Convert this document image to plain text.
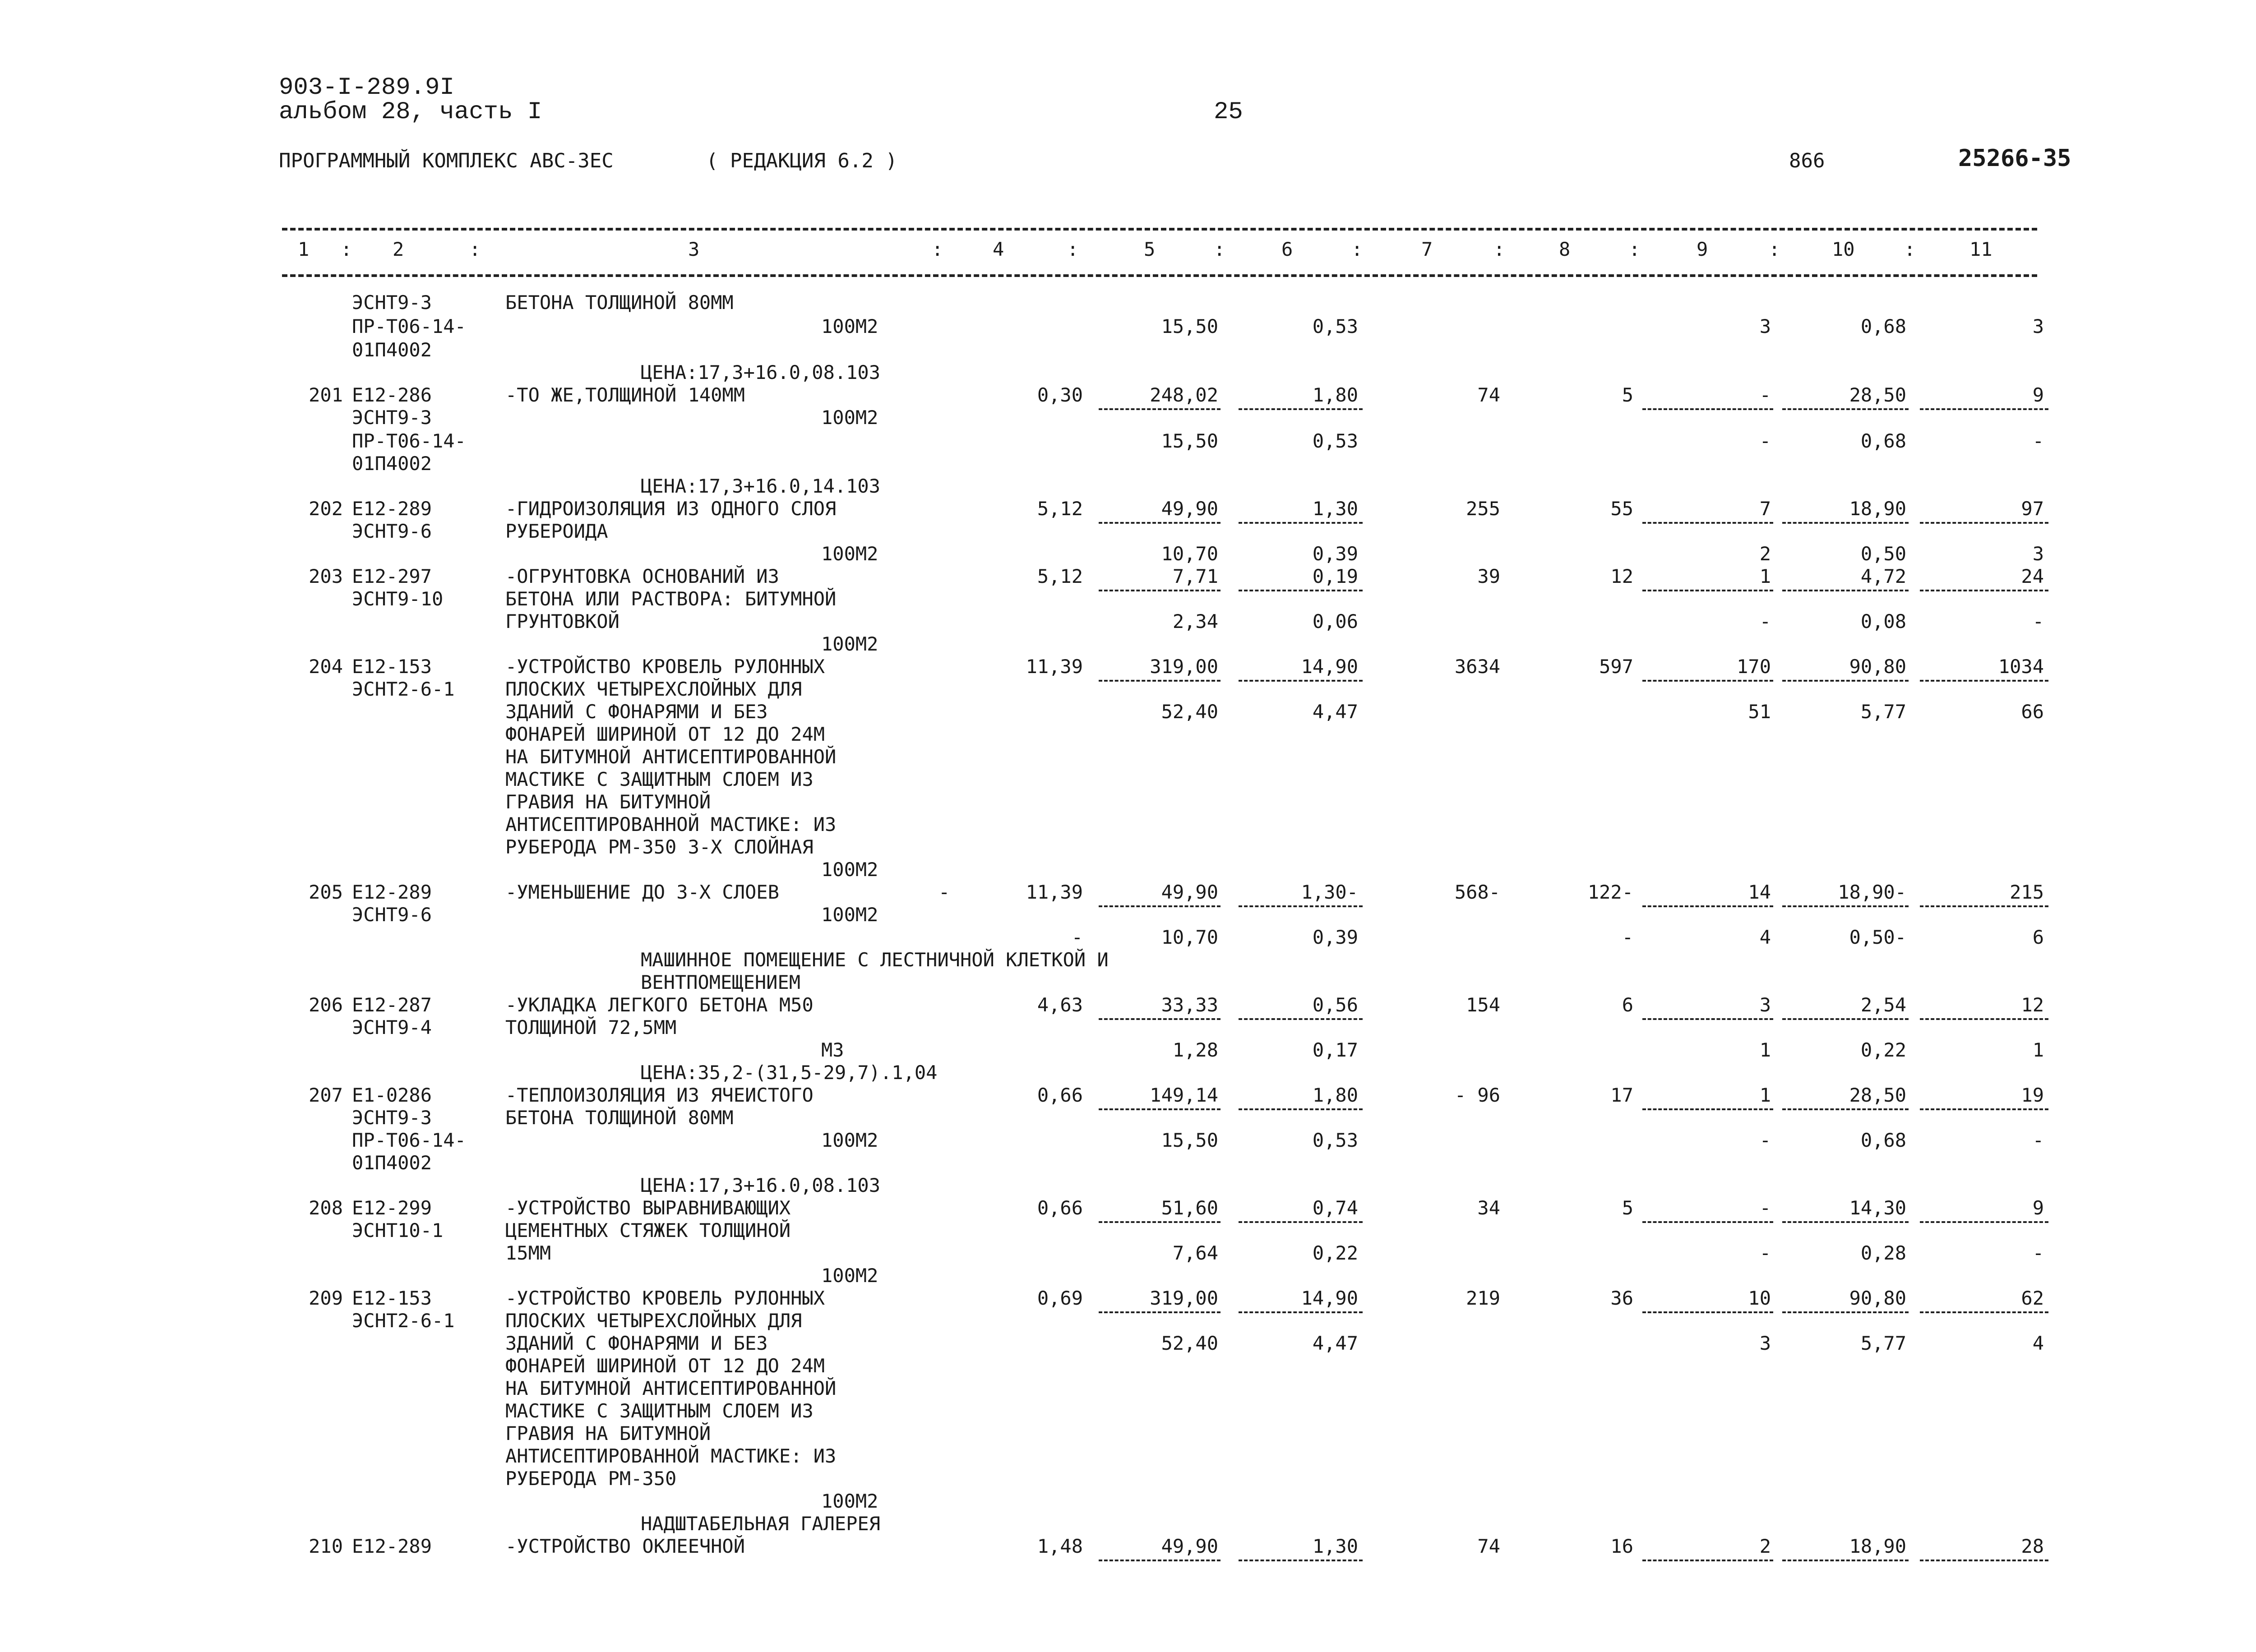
903-I-289.9I
альбом 28, часть I	25
ПРОГРАММНЫЙ КОМПЛЕКС АВС-3ЕС	( РЕДАКЦИЯ 6.2 )	866	25266-35
1 : 2	:	3	:	4	:	5	:	6	:	7	:	8	:	9	:	10	:	11
ЭСНТ9-3	БЕТОНА ТОЛЩИНОЙ 80ММ
ПР-Т06-14-	100М2	15,50	0,53	3	0,68	3
01П4002
ЦЕНА:17,3+16.0,08.103
201 Е12-286	-ТО ЖЕ,ТОЛЩИНОЙ 140ММ	0,30	248,02	1,80	74	5	-	28,50	9
ЭСНТ9-3	100М2
ПР-Т06-14-	15,50	0,53	-	0,68	-
01П4002
ЦЕНА:17,3+16.0,14.103
202 Е12-289	-ГИДРОИЗОЛЯЦИЯ ИЗ ОДНОГО СЛОЯ	5,12	49,90	1,30	255	55	7	18,90	97
ЭСНТ9-6	РУБЕРОИДА
100М2	10,70	0,39	2	0,50	3
203 Е12-297	-ОГРУНТОВКА ОСНОВАНИЙ ИЗ	5,12	7,71	0,19	39	12	1	4,72	24
ЭСНТ9-10	БЕТОНА ИЛИ РАСТВОРА: БИТУМНОЙ
ГРУНТОВКОЙ	2,34	0,06	-	0,08	-
100М2
204 Е12-153	-УСТРОЙСТВО КРОВЕЛЬ РУЛОННЫХ	11,39	319,00	14,90	3634	597	170	90,80	1034
ЭСНТ2-6-1	ПЛОСКИХ ЧЕТЫРЕХСЛОЙНЫХ ДЛЯ
ЗДАНИЙ С ФОНАРЯМИ И БЕЗ	52,40	4,47	51	5,77	66
ФОНАРЕЙ ШИРИНОЙ ОТ 12 ДО 24М
НА БИТУМНОЙ АНТИСЕПТИРОВАННОЙ
МАСТИКЕ С ЗАЩИТНЫМ СЛОЕМ ИЗ
ГРАВИЯ НА БИТУМНОЙ
АНТИСЕПТИРОВАННОЙ МАСТИКЕ: ИЗ
РУБЕРОДА РМ-350 3-Х СЛОЙНАЯ
100М2
205 Е12-289	-УМЕНЬШЕНИЕ ДО 3-Х СЛОЕВ	-	11,39	49,90	1,30-	568-	122-	14	18,90-	215
ЭСНТ9-6	100М2
-	10,70	0,39	-	4	0,50-	6
МАШИННОЕ ПОМЕЩЕНИЕ С ЛЕСТНИЧНОЙ КЛЕТКОЙ И
ВЕНТПОМЕЩЕНИЕМ
206 Е12-287	-УКЛАДКА ЛЕГКОГО БЕТОНА М50	4,63	33,33	0,56	154	6	3	2,54	12
ЭСНТ9-4	ТОЛЩИНОЙ 72,5ММ
М3	1,28	0,17	1	0,22	1
ЦЕНА:35,2-(31,5-29,7).1,04
207 Е1-0286	-ТЕПЛОИЗОЛЯЦИЯ ИЗ ЯЧЕИСТОГО	0,66	149,14	1,80	- 96	17	1	28,50	19
ЭСНТ9-3	БЕТОНА ТОЛЩИНОЙ 80ММ
ПР-Т06-14-	100М2	15,50	0,53	-	0,68	-
01П4002
ЦЕНА:17,3+16.0,08.103
208 Е12-299	-УСТРОЙСТВО ВЫРАВНИВАЮЩИХ	0,66	51,60	0,74	34	5	-	14,30	9
ЭСНТ10-1	ЦЕМЕНТНЫХ СТЯЖЕК ТОЛЩИНОЙ
15ММ	7,64	0,22	-	0,28	-
100М2
209 Е12-153	-УСТРОЙСТВО КРОВЕЛЬ РУЛОННЫХ	0,69	319,00	14,90	219	36	10	90,80	62
ЭСНТ2-6-1	ПЛОСКИХ ЧЕТЫРЕХСЛОЙНЫХ ДЛЯ
ЗДАНИЙ С ФОНАРЯМИ И БЕЗ	52,40	4,47	3	5,77	4
ФОНАРЕЙ ШИРИНОЙ ОТ 12 ДО 24М
НА БИТУМНОЙ АНТИСЕПТИРОВАННОЙ
МАСТИКЕ С ЗАЩИТНЫМ СЛОЕМ ИЗ
ГРАВИЯ НА БИТУМНОЙ
АНТИСЕПТИРОВАННОЙ МАСТИКЕ: ИЗ
РУБЕРОДА РМ-350
100М2
НАДШТАБЕЛЬНАЯ ГАЛЕРЕЯ
210 Е12-289	-УСТРОЙСТВО ОКЛЕЕЧНОЙ	1,48	49,90	1,30	74	16	2	18,90	28
